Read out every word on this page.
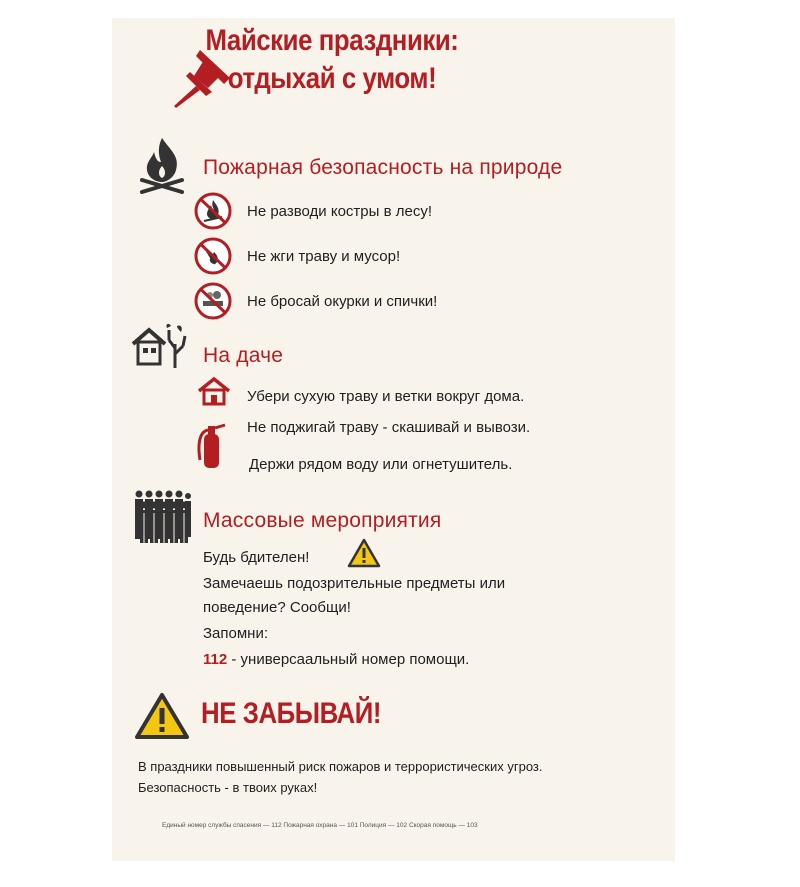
Майские праздники:
отдыхай с умом!
Пожарная безопасность на природе
Не разводи костры в лесу!
Не жги траву и мусор!
Не бросай окурки и спички!
На даче
Убери сухую траву и ветки вокруг дома.
Не поджигай траву - скашивай и вывози.
Держи рядом воду или огнетушитель.
Массовые мероприятия
Будь бдителен!
Замечаешь подозрительные предметы или
поведение? Сообщи!
Запомни:
112 - универсаальный номер помощи.
НЕ ЗАБЫВАЙ!
В праздники повышенный риск пожаров и террористических угроз.
Безопасность - в твоих руках!
Единый номер службы спасения — 112 Пожарная охрана — 101 Полиция — 102 Скорая помощь — 103
